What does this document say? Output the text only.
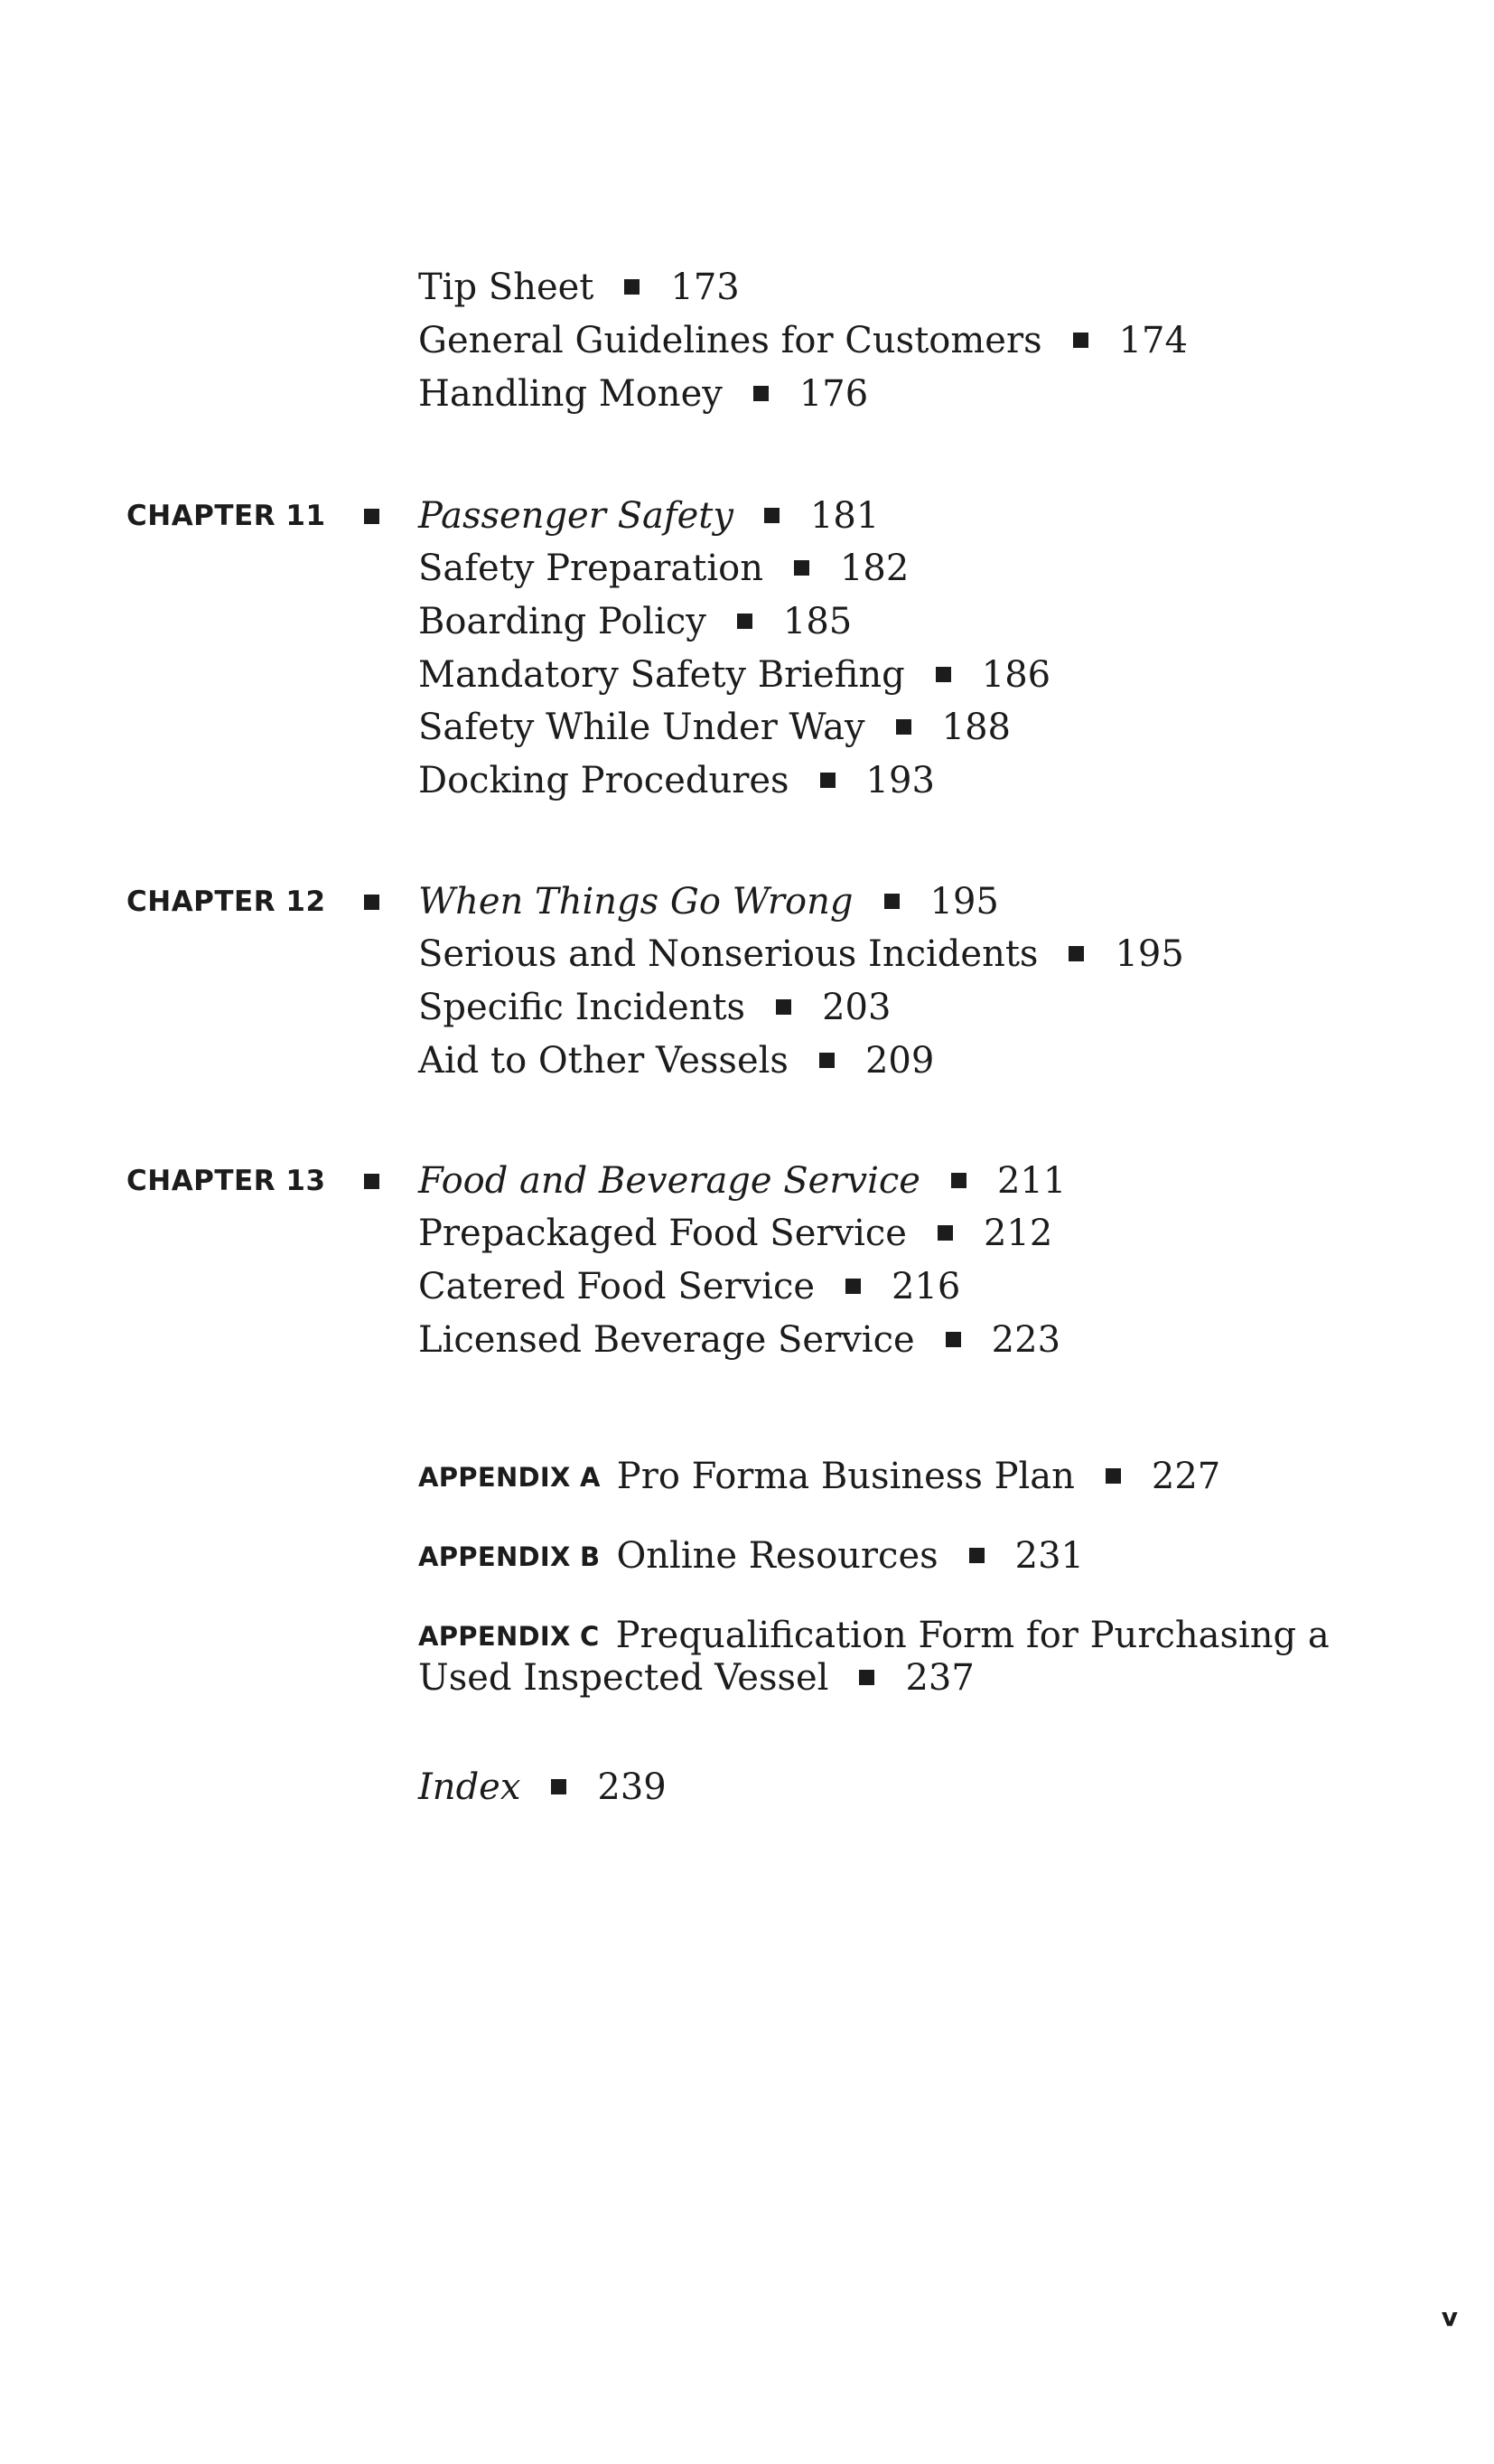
Tip Sheet 173
General Guidelines for Customers 174
Handling Money 176
CHAPTER 11	Passenger Safety 181
Safety Preparation 182
Boarding Policy 185
Mandatory Safety Briefing 186
Safety While Under Way 188
Docking Procedures 193
CHAPTER 12	When Things Go Wrong 195
Serious and Nonserious Incidents 195
Specific Incidents 203
Aid to Other Vessels 209
CHAPTER 13	Food and Beverage Service 211
Prepackaged Food Service 212
Catered Food Service 216
Licensed Beverage Service 223
APPENDIX A Pro Forma Business Plan 227
APPENDIX B Online Resources 231
APPENDIX C Prequalification Form for Purchasing a
Used Inspected Vessel 237
Index 239
v
